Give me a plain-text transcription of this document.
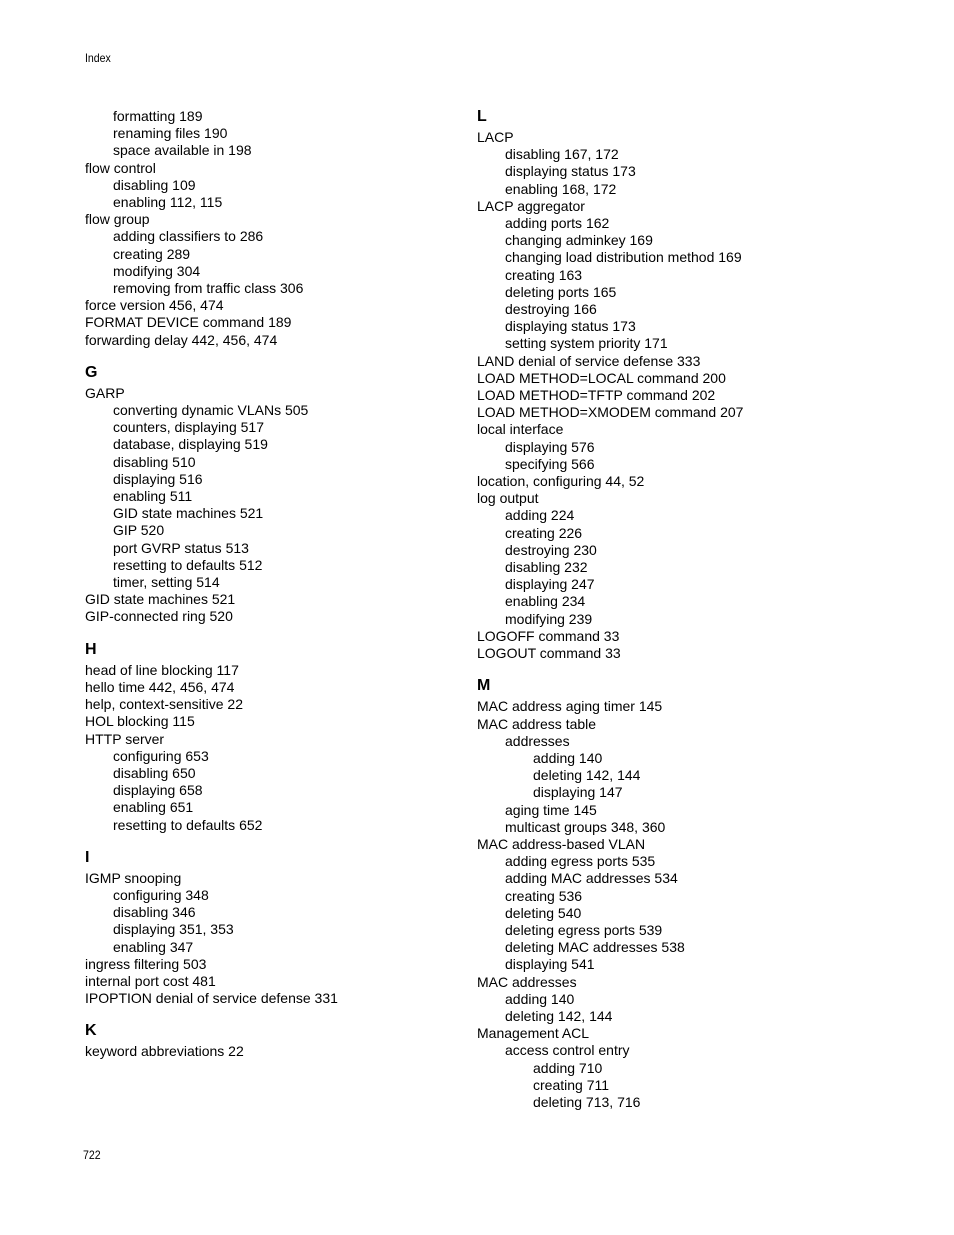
Index
formatting 189
renaming files 190
space available in 198
flow control
disabling 109
enabling 112, 115
flow group
adding classifiers to 286
creating 289
modifying 304
removing from traffic class 306
force version 456, 474
FORMAT DEVICE command 189
forwarding delay 442, 456, 474
G
GARP
converting dynamic VLANs 505
counters, displaying 517
database, displaying 519
disabling 510
displaying 516
enabling 511
GID state machines 521
GIP 520
port GVRP status 513
resetting to defaults 512
timer, setting 514
GID state machines 521
GIP-connected ring 520
H
head of line blocking 117
hello time 442, 456, 474
help, context-sensitive 22
HOL blocking 115
HTTP server
configuring 653
disabling 650
displaying 658
enabling 651
resetting to defaults 652
I
IGMP snooping
configuring 348
disabling 346
displaying 351, 353
enabling 347
ingress filtering 503
internal port cost 481
IPOPTION denial of service defense 331
K
keyword abbreviations 22
L
LACP
disabling 167, 172
displaying status 173
enabling 168, 172
LACP aggregator
adding ports 162
changing adminkey 169
changing load distribution method 169
creating 163
deleting ports 165
destroying 166
displaying status 173
setting system priority 171
LAND denial of service defense 333
LOAD METHOD=LOCAL command 200
LOAD METHOD=TFTP command 202
LOAD METHOD=XMODEM command 207
local interface
displaying 576
specifying 566
location, configuring 44, 52
log output
adding 224
creating 226
destroying 230
disabling 232
displaying 247
enabling 234
modifying 239
LOGOFF command 33
LOGOUT command 33
M
MAC address aging timer 145
MAC address table
addresses
adding 140
deleting 142, 144
displaying 147
aging time 145
multicast groups 348, 360
MAC address-based VLAN
adding egress ports 535
adding MAC addresses 534
creating 536
deleting 540
deleting egress ports 539
deleting MAC addresses 538
displaying 541
MAC addresses
adding 140
deleting 142, 144
Management ACL
access control entry
adding 710
creating 711
deleting 713, 716
722
